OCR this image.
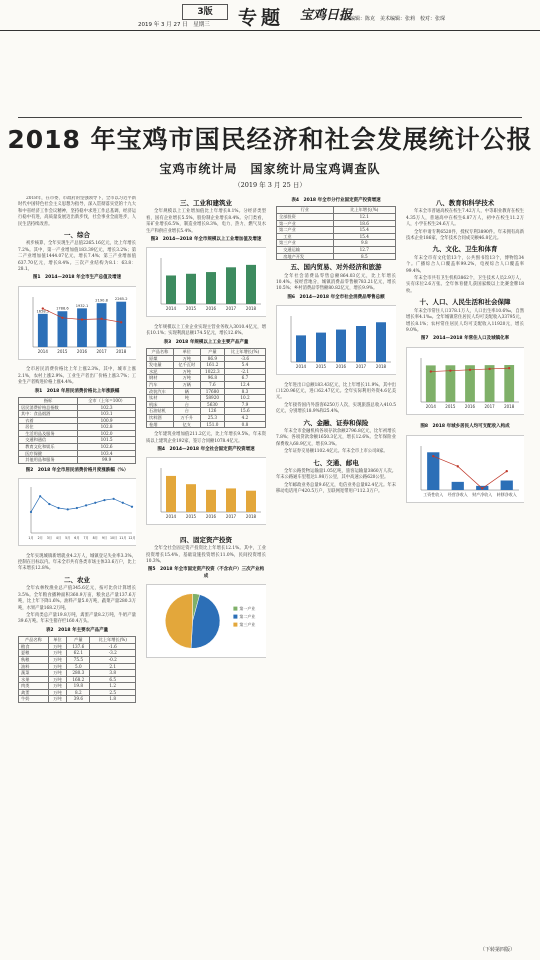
3版
2019 年 3 月 27 日　星期三 专题 宝鸡日报
责任编辑：陈克　美术编辑：张莉　校对：张琛
2018 年宝鸡市国民经济和社会发展统计公报
宝鸡市统计局　国家统计局宝鸡调查队
（2019 年 3 月 25 日）

2018年，在市委、市政府的坚强领导下，全市以习近平新时代中国特色社会主义思想为指导，深入贯彻落实党的十九大和中省经济工作会议精神，坚持稳中求进工作总基调，经济运行稳中有进，高质量发展迈出新步伐，社会事业全面进步，人民生活持续改善。

一、综合

初步核算，全年实现生产总值2265.16亿元，比上年增长7.2%。其中，第一产业增加值183.39亿元，增长3.2%；第二产业增加值1444.07亿元，增长7.4%；第三产业增加值637.70亿元，增长8.4%。三次产业结构为8.1：63.8：28.1。

图1　2014—2018 年全市生产总值及增速
2014
1658.5
2015
1788.6
2016
1932.1
2017
2190.8
2018
2265.2

全市居民消费价格比上年上涨2.3%。其中，城市上涨2.1%，农村上涨2.9%。工业生产者出厂价格上涨3.7%；工业生产者购进价格上涨4.4%。

表1　2018 年居民消费价格比上年涨跌幅
指标	全市（上年=100）
居民消费价格总指数	102.3
其中：食品烟酒	103.1
　衣着	100.9
　居住	102.8
　生活用品及服务	102.0
　交通和通信	101.5
　教育文化和娱乐	102.6
　医疗保健	103.4
　其他用品和服务	99.9
图2　2018 年全市居民消费价格月度涨跌幅（%）
1月 2月 3月 4月 5月 6月 7月 8月 9月 10月 11月 12月

全年实现城镇新增就业4.2万人，城镇登记失业率3.3%，控制在目标以内。年末全市共有各类市场主体33.6万户，比上年末增长12.8%。

二、农业

全年农林牧渔业总产值345.6亿元，按可比价计算增长3.5%。全年粮食播种面积360.9万亩，粮食总产量137.6万吨，比上年下降1.6%。油料产量5.0万吨，蔬菜产量280.3万吨，水果产量168.2万吨。

全年肉类总产量19.8万吨，禽蛋产量8.2万吨，牛奶产量39.6万吨。年末生猪存栏160.4万头。

表2　2018 年主要农产品产量
产品名称	单位	产量	比上年增长(%)
粮食	万吨	137.6	-1.6
夏粮	万吨	62.1	-3.2
秋粮	万吨	75.5	-0.2
油料	万吨	5.0	2.1
蔬菜	万吨	280.3	3.8
水果	万吨	168.2	6.5
肉类	万吨	19.8	1.2
禽蛋	万吨	8.2	2.5
牛奶	万吨	39.6	1.8
三、工业和建筑业

全年规模以上工业增加值比上年增长8.1%。分经济类型看，国有企业增长5.5%，股份制企业增长8.4%。分门类看，采矿业增长6.5%，制造业增长8.3%，电力、热力、燃气及水生产和供应业增长5.4%。

图3　2014—2018 年全市规模以上工业增加值及增速
2014 2015 2016 2017 2018

全年规模以上工业企业实现主营业务收入3010.4亿元，增长10.1%；实现利润总额174.5亿元，增长12.6%。

表3　2018 年规模以上工业主要产品产量
产品名称	单位	产量	比上年增长(%)
原煤	万吨	86.9	-3.6
发电量	亿千瓦时	161.2	5.4
水泥	万吨	1022.3	-2.1
钢材	万吨	96.8	6.7
汽车	万辆	7.6	12.4
改装汽车	辆	17680	8.3
钛材	吨	58920	10.2
机床	台	5630	7.9
石油钻机	台	126	15.6
饮料酒	万千升	25.3	4.2
卷烟	亿支	151.0	0.8

全年建筑业增加值211.2亿元，比上年增长9.5%。年末资质以上建筑企业192家，签订合同额1078.4亿元。

图4　2014—2018 年全社会固定资产投资增速
2014 2015 2016 2017 2018
四、固定资产投资

全年全社会固定资产投资比上年增长12.1%。其中，工业投资增长15.4%，基础设施投资增长11.0%，民间投资增长10.3%。

图5　2018 年全市固定资产投资（不含农户）三次产业构成
第一产业
第二产业
第三产业
表4　2018 年全市分行业固定资产投资增速
行业	比上年增长(%)
全部投资	12.1
第一产业	18.6
第二产业	15.4
　工业	15.4
第三产业	9.8
　交通运输	12.7
　房地产开发	8.5
五、国内贸易、对外经济和旅游

全年社会消费品零售总额864.03亿元，比上年增长10.4%。按经营地分，城镇消费品零售额783.21亿元，增长10.5%；乡村消费品零售额80.82亿元，增长9.9%。

图6　2014—2018 年全市社会消费品零售总额
2014 2015 2016 2017 2018

全年进出口总额183.43亿元，比上年增长11.9%。其中出口120.96亿元，进口62.47亿元。全年实际利用外资4.6亿美元。

全年接待国内外游客6250万人次，实现旅游总收入410.5亿元，分别增长18.9%和25.4%。

六、金融、证券和保险

年末全市金融机构各项存款余额2796.8亿元，比年初增长7.8%；各项贷款余额1650.3亿元，增长12.6%。全年保险业保费收入68.9亿元，增长9.3%。

全年证券交易额1102.4亿元。年末全市上市公司8家。

七、交通、邮电

全年公路货物运输量1.05亿吨，旅客运输量3860万人次。年末公路通车里程达1.98万公里，其中高速公路620公里。

全年邮政业务总量9.6亿元，电信业务总量82.4亿元。年末移动电话用户420.5万户，互联网宽带用户112.3万户。

八、教育和科学技术

年末全市普通高校在校生7.42万人，中等职业教育在校生4.35万人，普通高中在校生6.87万人，初中在校生11.2万人，小学在校生24.6万人。

全年申请专利6520件，授权专利3890件。年末拥有高新技术企业186家，全年技术合同成交额46.8亿元。

九、文化、卫生和体育

年末全市有文化馆13个，公共图书馆13个，博物馆34个。广播综合人口覆盖率99.2%，电视综合人口覆盖率99.4%。

年末全市共有卫生机构3862个，卫生技术人员2.9万人，实有床位2.6万张。全年体育健儿获国家级以上比赛金牌18枚。

十、人口、人民生活和社会保障

年末全市常住人口378.1万人，人口出生率10.6‰，自然增长率4.1‰。全年城镇常住居民人均可支配收入33795元，增长8.1%；农村常住居民人均可支配收入11920元，增长9.0%。

图7　2014—2018 年常住人口及城镇化率
2014 2015 2016 2017 2018
图8　2018 年城乡居民人均可支配收入构成
工资性收入 经营净收入 财产净收入 转移净收入
（下转第四版）
